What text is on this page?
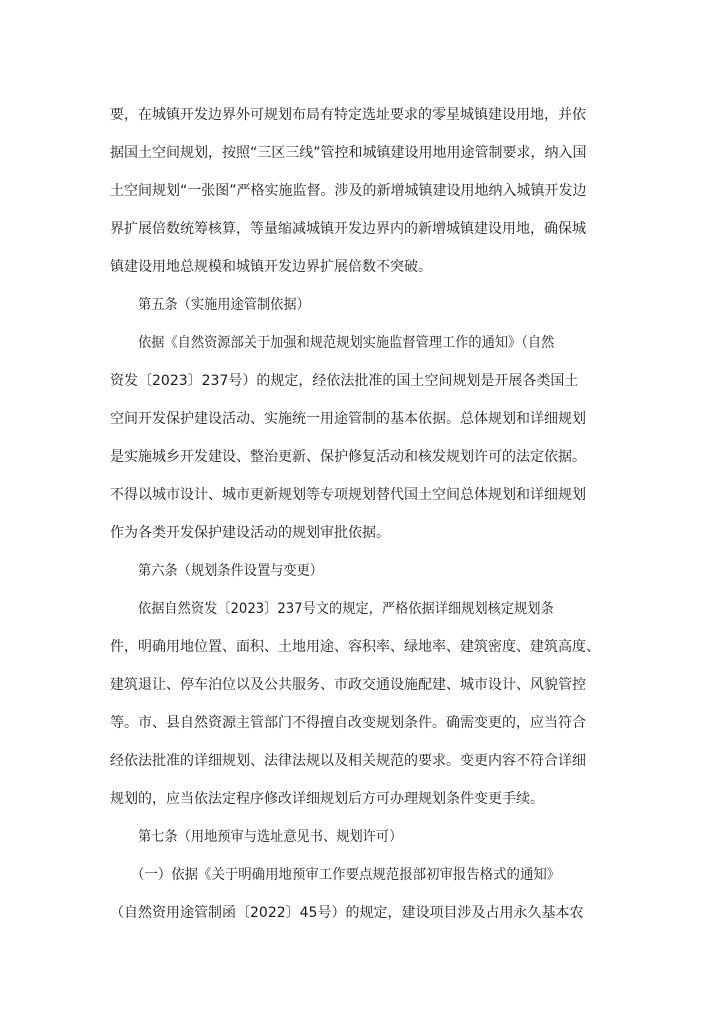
要，在城镇开发边界外可规划布局有特定选址要求的零星城镇建设用地，并依
据国土空间规划，按照“三区三线”管控和城镇建设用地用途管制要求，纳入国
土空间规划“一张图”严格实施监督。涉及的新增城镇建设用地纳入城镇开发边
界扩展倍数统筹核算，等量缩减城镇开发边界内的新增城镇建设用地，确保城
镇建设用地总规模和城镇开发边界扩展倍数不突破。
第五条（实施用途管制依据）
依据《自然资源部关于加强和规范规划实施监督管理工作的通知》（自然
资发〔2023〕237号）的规定，经依法批准的国土空间规划是开展各类国土
空间开发保护建设活动、实施统一用途管制的基本依据。总体规划和详细规划
是实施城乡开发建设、整治更新、保护修复活动和核发规划许可的法定依据。
不得以城市设计、城市更新规划等专项规划替代国土空间总体规划和详细规划
作为各类开发保护建设活动的规划审批依据。
第六条（规划条件设置与变更）
依据自然资发〔2023〕237号文的规定，严格依据详细规划核定规划条
件，明确用地位置、面积、土地用途、容积率、绿地率、建筑密度、建筑高度、
建筑退让、停车泊位以及公共服务、市政交通设施配建、城市设计、风貌管控
等。市、县自然资源主管部门不得擅自改变规划条件。确需变更的，应当符合
经依法批准的详细规划、法律法规以及相关规范的要求。变更内容不符合详细
规划的，应当依法定程序修改详细规划后方可办理规划条件变更手续。
第七条（用地预审与选址意见书、规划许可）
（一）依据《关于明确用地预审工作要点规范报部初审报告格式的通知》
（自然资用途管制函〔2022〕45号）的规定，建设项目涉及占用永久基本农
